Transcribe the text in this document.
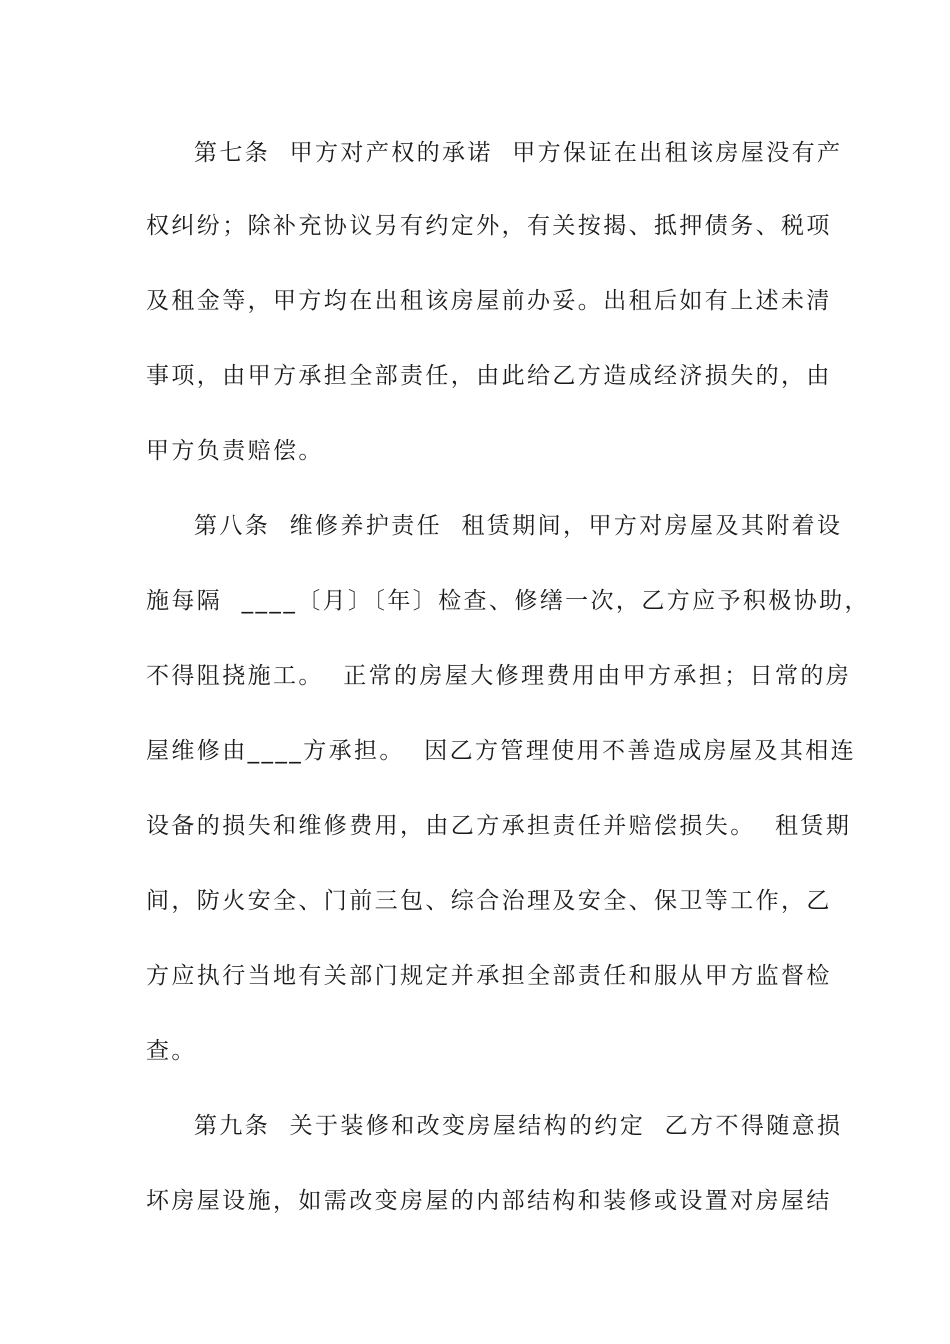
第七条  甲方对产权的承诺  甲方保证在出租该房屋没有产
权纠纷；除补充协议另有约定外，有关按揭、抵押债务、税项
及租金等，甲方均在出租该房屋前办妥。出租后如有上述未清
事项，由甲方承担全部责任，由此给乙方造成经济损失的，由
甲方负责赔偿。
第八条  维修养护责任  租赁期间，甲方对房屋及其附着设
施每隔  ____〔月〕〔年〕检查、修缮一次，乙方应予积极协助，
不得阻挠施工。  正常的房屋大修理费用由甲方承担；日常的房
屋维修由____方承担。  因乙方管理使用不善造成房屋及其相连
设备的损失和维修费用，由乙方承担责任并赔偿损失。  租赁期
间，防火安全、门前三包、综合治理及安全、保卫等工作，乙
方应执行当地有关部门规定并承担全部责任和服从甲方监督检
查。
第九条  关于装修和改变房屋结构的约定  乙方不得随意损
坏房屋设施，如需改变房屋的内部结构和装修或设置对房屋结
